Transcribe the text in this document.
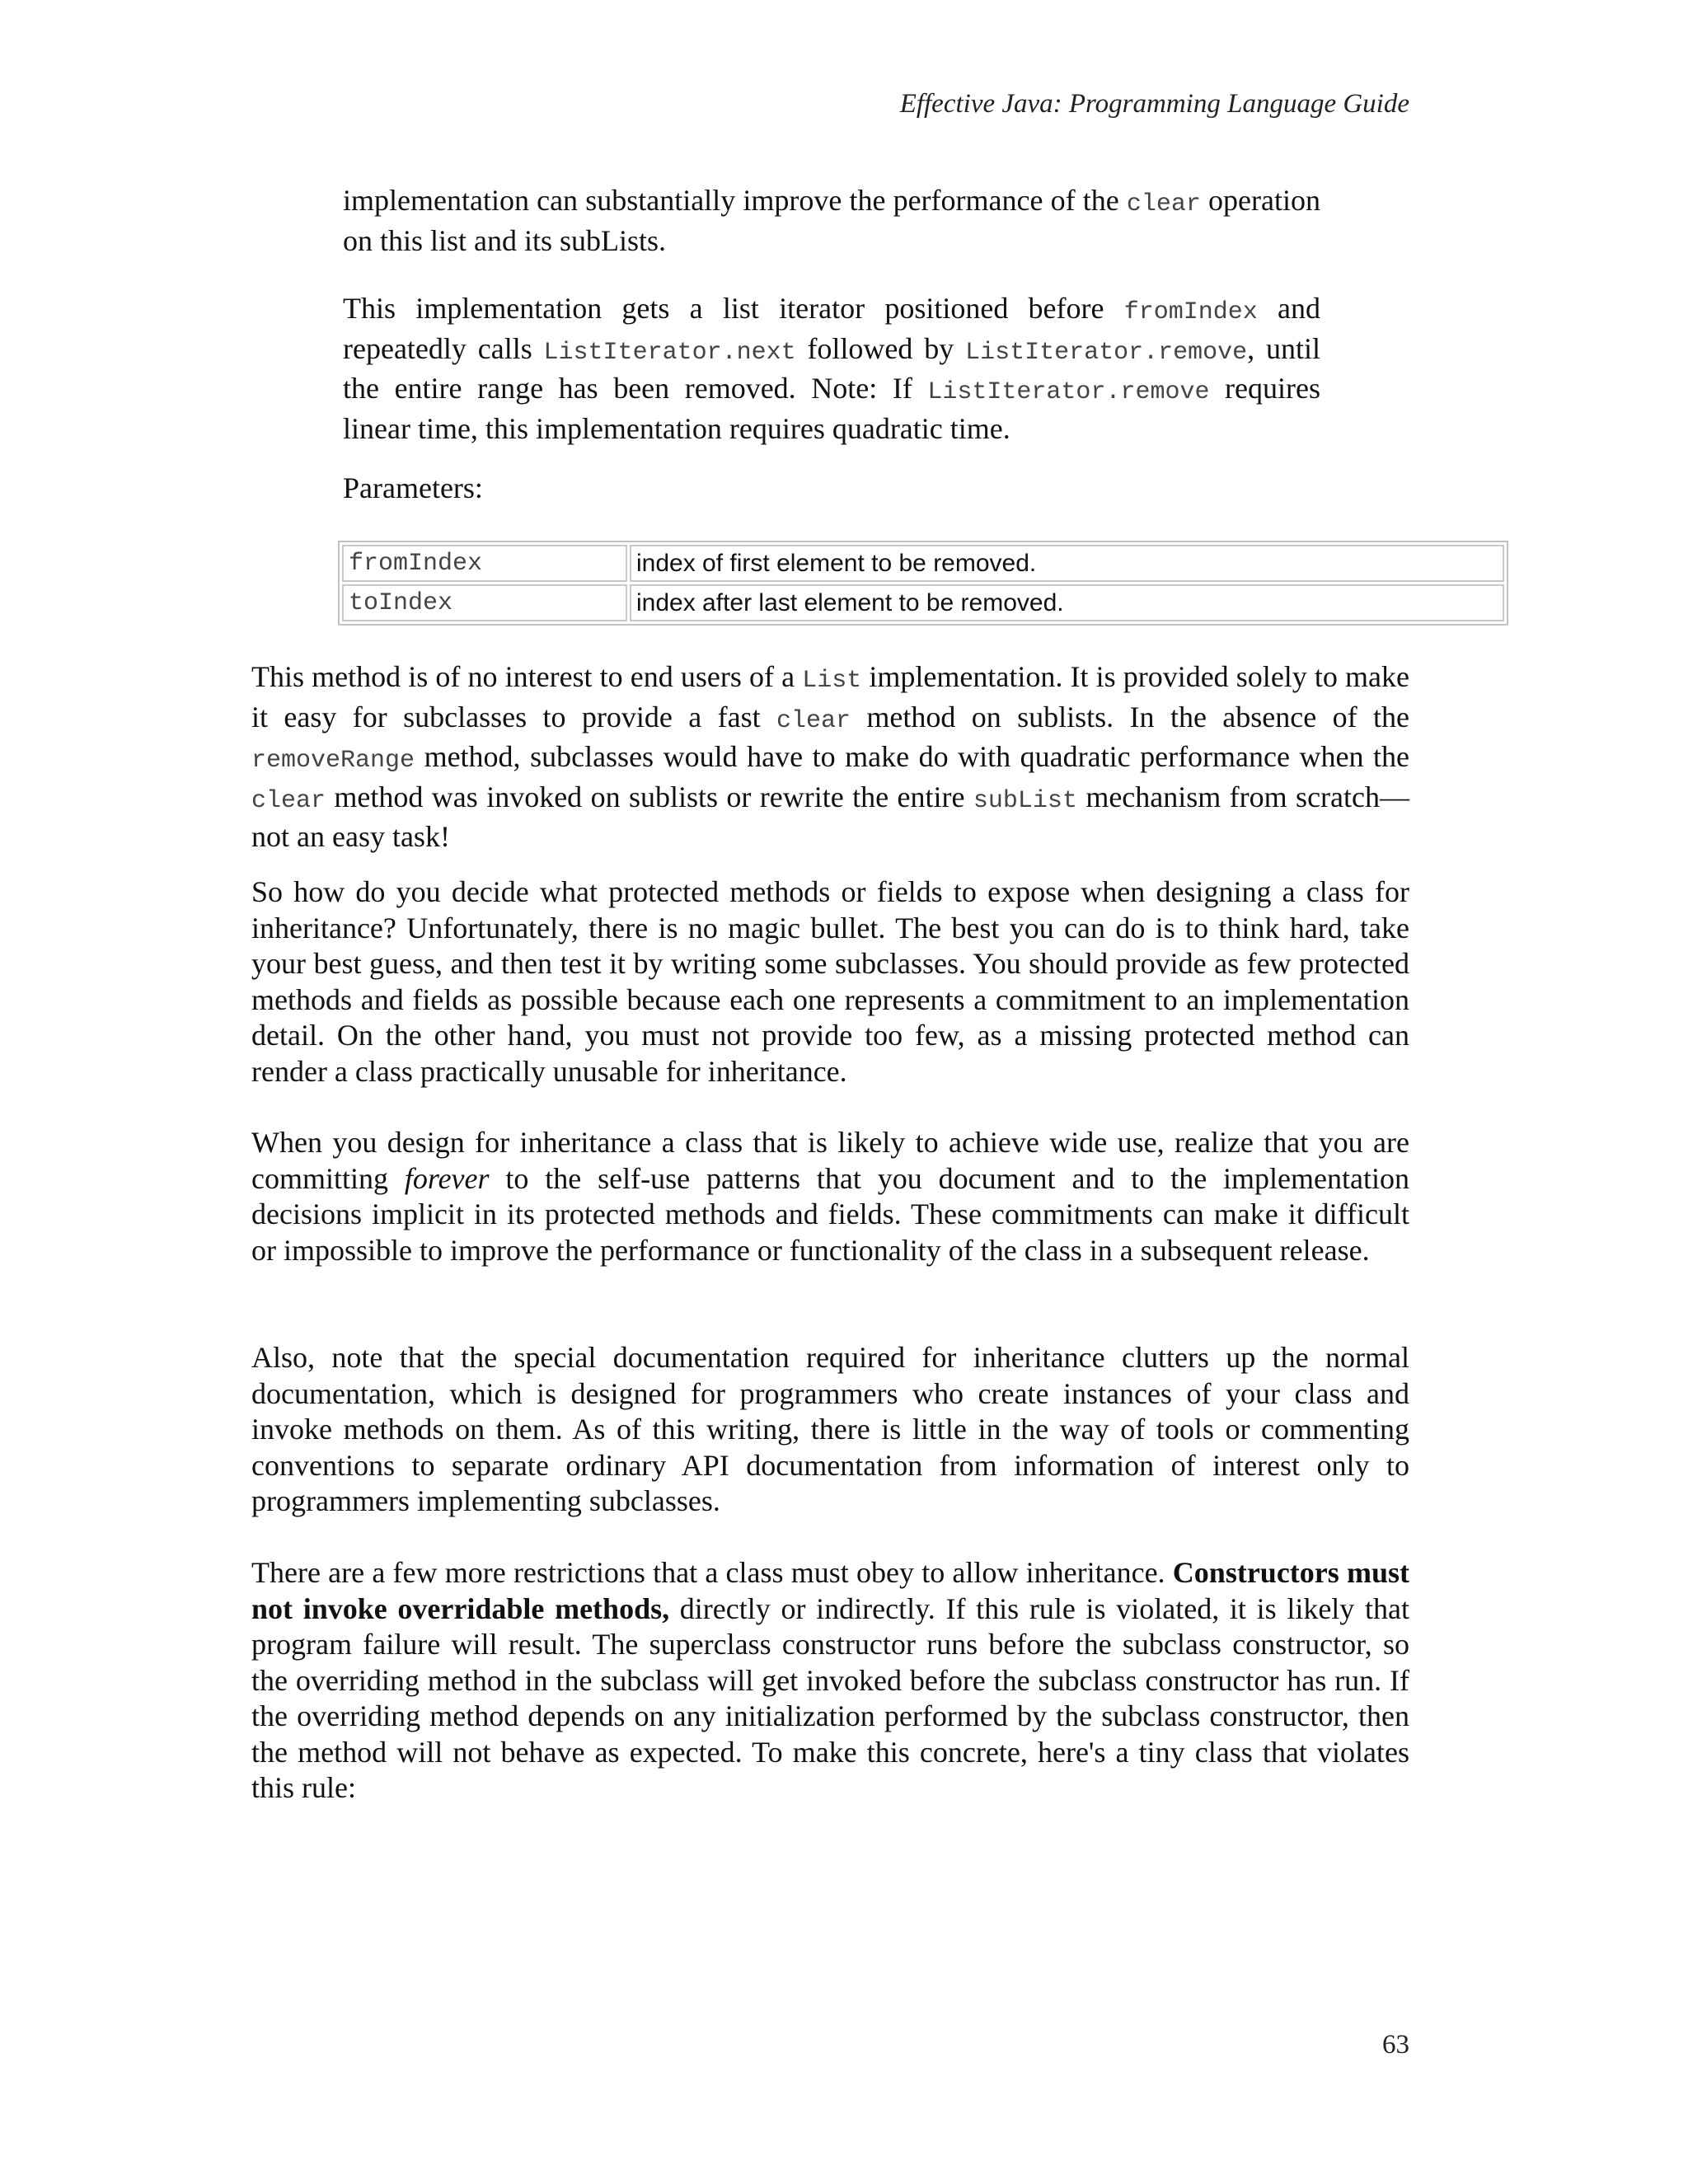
Effective Java: Programming Language Guide

implementation can substantially improve the performance of the clear operation on this list and its subLists.

This implementation gets a list iterator positioned before fromIndex and repeatedly calls ListIterator.next followed by ListIterator.remove, until the entire range has been removed. Note: If ListIterator.remove requires linear time, this implementation requires quadratic time.

Parameters:

fromIndex	index of first element to be removed.
toIndex	index after last element to be removed.

This method is of no interest to end users of a List implementation. It is provided solely to make it easy for subclasses to provide a fast clear method on sublists. In the absence of the removeRange method, subclasses would have to make do with quadratic performance when the clear method was invoked on sublists or rewrite the entire subList mechanism from scratch—not an easy task!

So how do you decide what protected methods or fields to expose when designing a class for inheritance? Unfortunately, there is no magic bullet. The best you can do is to think hard, take your best guess, and then test it by writing some subclasses. You should provide as few protected methods and fields as possible because each one represents a commitment to an implementation detail. On the other hand, you must not provide too few, as a missing protected method can render a class practically unusable for inheritance.

When you design for inheritance a class that is likely to achieve wide use, realize that you are committing forever to the self-use patterns that you document and to the implementation decisions implicit in its protected methods and fields. These commitments can make it difficult or impossible to improve the performance or functionality of the class in a subsequent release.

Also, note that the special documentation required for inheritance clutters up the normal documentation, which is designed for programmers who create instances of your class and invoke methods on them. As of this writing, there is little in the way of tools or commenting conventions to separate ordinary API documentation from information of interest only to programmers implementing subclasses.

There are a few more restrictions that a class must obey to allow inheritance. Constructors must not invoke overridable methods, directly or indirectly. If this rule is violated, it is likely that program failure will result. The superclass constructor runs before the subclass constructor, so the overriding method in the subclass will get invoked before the subclass constructor has run. If the overriding method depends on any initialization performed by the subclass constructor, then the method will not behave as expected. To make this concrete, here's a tiny class that violates this rule:

63
